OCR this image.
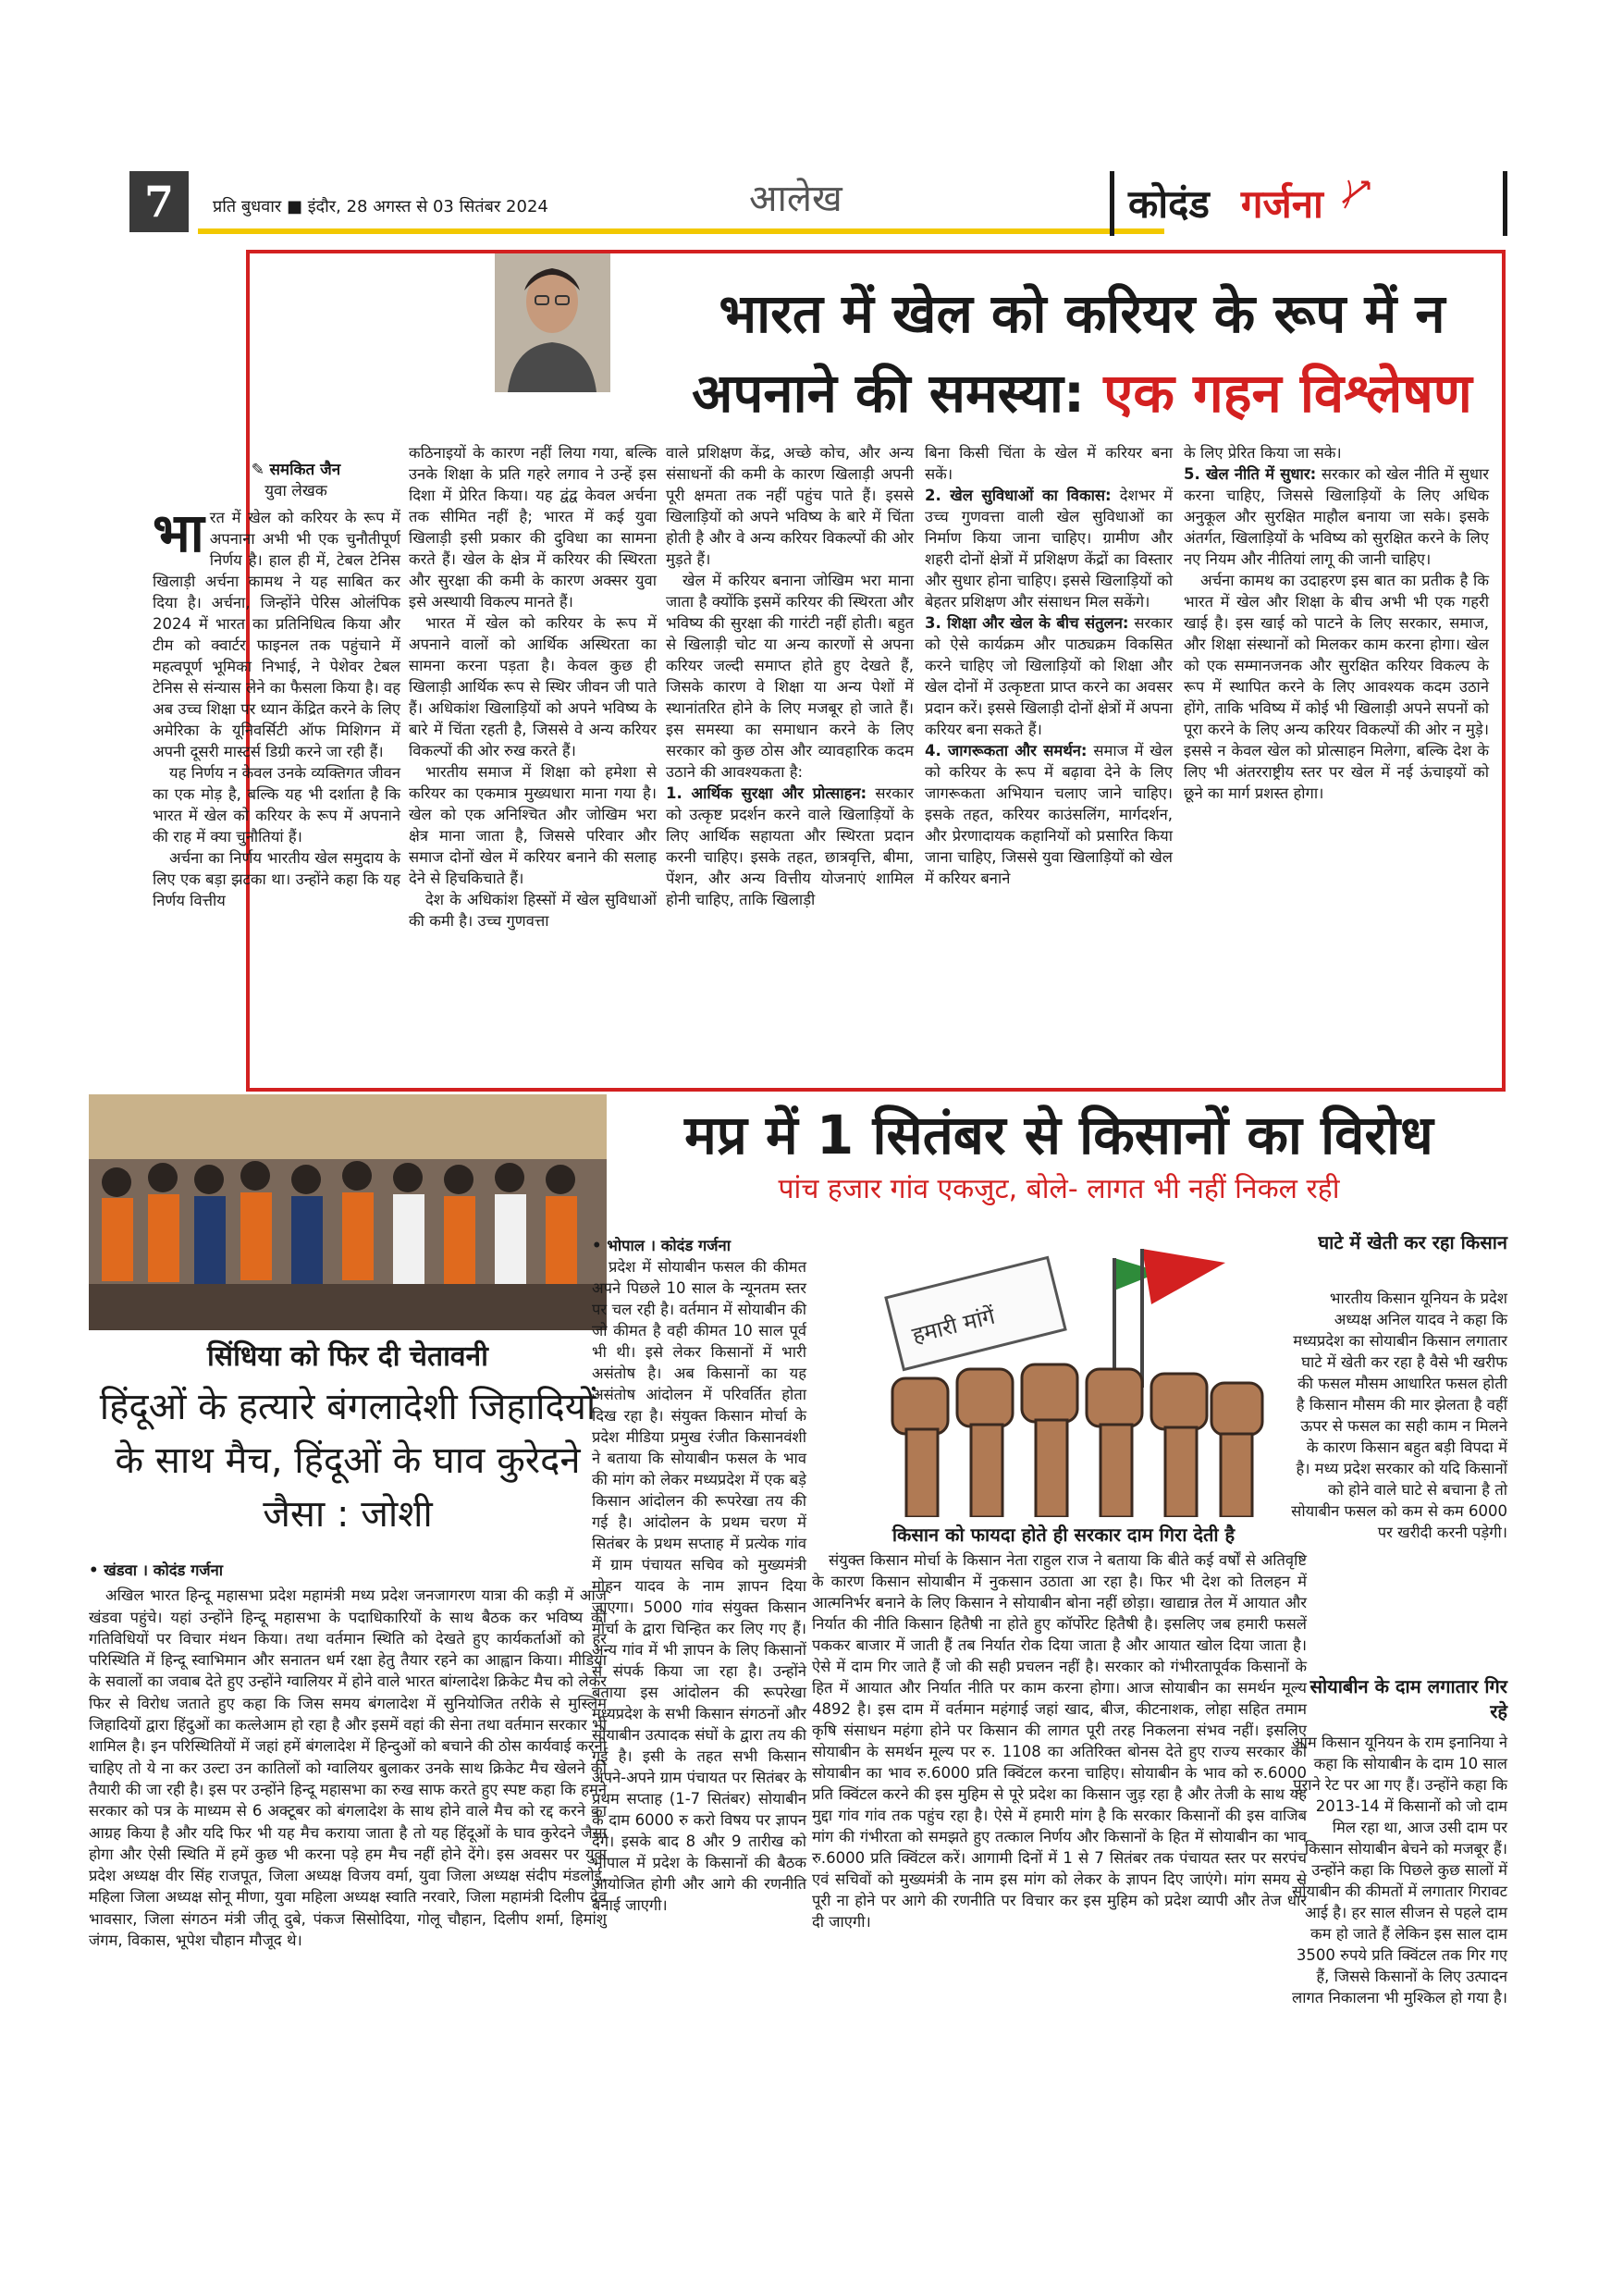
7	प्रति बुधवार ■ इंदौर, 28 अगस्त से 03 सितंबर 2024	आलेख	कोदंड गर्जना
भारत में खेल को करियर के रूप में न
अपनाने की समस्या: एक गहन विश्लेषण
✎ समकित जैन
युवा लेखक

भारत में खेल को करियर के रूप में अपनाना अभी भी एक चुनौतीपूर्ण निर्णय है। हाल ही में, टेबल टेनिस खिलाड़ी अर्चना कामथ ने यह साबित कर दिया है। अर्चना, जिन्होंने पेरिस ओलंपिक 2024 में भारत का प्रतिनिधित्व किया और टीम को क्वार्टर फाइनल तक पहुंचाने में महत्वपूर्ण भूमिका निभाई, ने पेशेवर टेबल टेनिस से संन्यास लेने का फैसला किया है। वह अब उच्च शिक्षा पर ध्यान केंद्रित करने के लिए अमेरिका के यूनिवर्सिटी ऑफ मिशिगन में अपनी दूसरी मास्टर्स डिग्री करने जा रही हैं।

यह निर्णय न केवल उनके व्यक्तिगत जीवन का एक मोड़ है, बल्कि यह भी दर्शाता है कि भारत में खेल को करियर के रूप में अपनाने की राह में क्या चुनौतियां हैं।

अर्चना का निर्णय भारतीय खेल समुदाय के लिए एक बड़ा झटका था। उन्होंने कहा कि यह निर्णय वित्तीय

कठिनाइयों के कारण नहीं लिया गया, बल्कि उनके शिक्षा के प्रति गहरे लगाव ने उन्हें इस दिशा में प्रेरित किया। यह द्वंद्व केवल अर्चना तक सीमित नहीं है; भारत में कई युवा खिलाड़ी इसी प्रकार की दुविधा का सामना करते हैं। खेल के क्षेत्र में करियर की स्थिरता और सुरक्षा की कमी के कारण अक्सर युवा इसे अस्थायी विकल्प मानते हैं।

भारत में खेल को करियर के रूप में अपनाने वालों को आर्थिक अस्थिरता का सामना करना पड़ता है। केवल कुछ ही खिलाड़ी आर्थिक रूप से स्थिर जीवन जी पाते हैं। अधिकांश खिलाड़ियों को अपने भविष्य के बारे में चिंता रहती है, जिससे वे अन्य करियर विकल्पों की ओर रुख करते हैं।

भारतीय समाज में शिक्षा को हमेशा से करियर का एकमात्र मुख्यधारा माना गया है। खेल को एक अनिश्चित और जोखिम भरा क्षेत्र माना जाता है, जिससे परिवार और समाज दोनों खेल में करियर बनाने की सलाह देने से हिचकिचाते हैं।

देश के अधिकांश हिस्सों में खेल सुविधाओं की कमी है। उच्च गुणवत्ता

वाले प्रशिक्षण केंद्र, अच्छे कोच, और अन्य संसाधनों की कमी के कारण खिलाड़ी अपनी पूरी क्षमता तक नहीं पहुंच पाते हैं। इससे खिलाड़ियों को अपने भविष्य के बारे में चिंता होती है और वे अन्य करियर विकल्पों की ओर मुड़ते हैं।

खेल में करियर बनाना जोखिम भरा माना जाता है क्योंकि इसमें करियर की स्थिरता और भविष्य की सुरक्षा की गारंटी नहीं होती। बहुत से खिलाड़ी चोट या अन्य कारणों से अपना करियर जल्दी समाप्त होते हुए देखते हैं, जिसके कारण वे शिक्षा या अन्य पेशों में स्थानांतरित होने के लिए मजबूर हो जाते हैं। इस समस्या का समाधान करने के लिए सरकार को कुछ ठोस और व्यावहारिक कदम उठाने की आवश्यकता है:

1. आर्थिक सुरक्षा और प्रोत्साहन: सरकार को उत्कृष्ट प्रदर्शन करने वाले खिलाड़ियों के लिए आर्थिक सहायता और स्थिरता प्रदान करनी चाहिए। इसके तहत, छात्रवृत्ति, बीमा, पेंशन, और अन्य वित्तीय योजनाएं शामिल होनी चाहिए, ताकि खिलाड़ी

बिना किसी चिंता के खेल में करियर बना सकें।

2. खेल सुविधाओं का विकास: देशभर में उच्च गुणवत्ता वाली खेल सुविधाओं का निर्माण किया जाना चाहिए। ग्रामीण और शहरी दोनों क्षेत्रों में प्रशिक्षण केंद्रों का विस्तार और सुधार होना चाहिए। इससे खिलाड़ियों को बेहतर प्रशिक्षण और संसाधन मिल सकेंगे।

3. शिक्षा और खेल के बीच संतुलन: सरकार को ऐसे कार्यक्रम और पाठ्यक्रम विकसित करने चाहिए जो खिलाड़ियों को शिक्षा और खेल दोनों में उत्कृष्टता प्राप्त करने का अवसर प्रदान करें। इससे खिलाड़ी दोनों क्षेत्रों में अपना करियर बना सकते हैं।

4. जागरूकता और समर्थन: समाज में खेल को करियर के रूप में बढ़ावा देने के लिए जागरूकता अभियान चलाए जाने चाहिए। इसके तहत, करियर काउंसलिंग, मार्गदर्शन, और प्रेरणादायक कहानियों को प्रसारित किया जाना चाहिए, जिससे युवा खिलाड़ियों को खेल में करियर बनाने

के लिए प्रेरित किया जा सके।

5. खेल नीति में सुधार: सरकार को खेल नीति में सुधार करना चाहिए, जिससे खिलाड़ियों के लिए अधिक अनुकूल और सुरक्षित माहौल बनाया जा सके। इसके अंतर्गत, खिलाड़ियों के भविष्य को सुरक्षित करने के लिए नए नियम और नीतियां लागू की जानी चाहिए।

अर्चना कामथ का उदाहरण इस बात का प्रतीक है कि भारत में खेल और शिक्षा के बीच अभी भी एक गहरी खाई है। इस खाई को पाटने के लिए सरकार, समाज, और शिक्षा संस्थानों को मिलकर काम करना होगा। खेल को एक सम्मानजनक और सुरक्षित करियर विकल्प के रूप में स्थापित करने के लिए आवश्यक कदम उठाने होंगे, ताकि भविष्य में कोई भी खिलाड़ी अपने सपनों को पूरा करने के लिए अन्य करियर विकल्पों की ओर न मुड़े। इससे न केवल खेल को प्रोत्साहन मिलेगा, बल्कि देश के लिए भी अंतरराष्ट्रीय स्तर पर खेल में नई ऊंचाइयों को छूने का मार्ग प्रशस्त होगा।

सिंधिया को फिर दी चेतावनी
हिंदूओं के हत्यारे बंगलादेशी जिहादियों के साथ मैच, हिंदूओं के घाव कुरेदने जैसा : जोशी

• खंडवा । कोदंड गर्जना

अखिल भारत हिन्दू महासभा प्रदेश महामंत्री मध्य प्रदेश जनजागरण यात्रा की कड़ी में आज खंडवा पहुंचे। यहां उन्होंने हिन्दू महासभा के पदाधिकारियों के साथ बैठक कर भविष्य की गतिविधियों पर विचार मंथन किया। तथा वर्तमान स्थिति को देखते हुए कार्यकर्ताओं को हर परिस्थिति में हिन्दू स्वाभिमान और सनातन धर्म रक्षा हेतु तैयार रहने का आह्वान किया। मीडिया के सवालों का जवाब देते हुए उन्होंने ग्वालियर में होने वाले भारत बांग्लादेश क्रिकेट मैच को लेकर फिर से विरोध जताते हुए कहा कि जिस समय बंगलादेश में सुनियोजित तरीके से मुस्लिम जिहादियों द्वारा हिंदुओं का कत्लेआम हो रहा है और इसमें वहां की सेना तथा वर्तमान सरकार भी शामिल है। इन परिस्थितियों में जहां हमें बंगलादेश में हिन्दुओं को बचाने की ठोस कार्यवाई करनी चाहिए तो ये ना कर उल्टा उन कातिलों को ग्वालियर बुलाकर उनके साथ क्रिकेट मैच खेलने की तैयारी की जा रही है। इस पर उन्होंने हिन्दू महासभा का रुख साफ करते हुए स्पष्ट कहा कि हमने सरकार को पत्र के माध्यम से 6 अक्टूबर को बंगलादेश के साथ होने वाले मैच को रद्द करने का आग्रह किया है और यदि फिर भी यह मैच कराया जाता है तो यह हिंदूओं के घाव कुरेदने जैसा होगा और ऐसी स्थिति में हमें कुछ भी करना पड़े हम मैच नहीं होने देंगे। इस अवसर पर युवा प्रदेश अध्यक्ष वीर सिंह राजपूत, जिला अध्यक्ष विजय वर्मा, युवा जिला अध्यक्ष संदीप मंडलोई, महिला जिला अध्यक्ष सोनू मीणा, युवा महिला अध्यक्ष स्वाति नरवारे, जिला महामंत्री दिलीप देव भावसार, जिला संगठन मंत्री जीतू दुबे, पंकज सिसोदिया, गोलू चौहान, दिलीप शर्मा, हिमांशु जंगम, विकास, भूपेश चौहान मौजूद थे।

मप्र में 1 सितंबर से किसानों का विरोध
पांच हजार गांव एकजुट, बोले- लागत भी नहीं निकल रही

• भोपाल । कोदंड गर्जना

प्रदेश में सोयाबीन फसल की कीमत अपने पिछले 10 साल के न्यूनतम स्तर पर चल रही है। वर्तमान में सोयाबीन की जो कीमत है वही कीमत 10 साल पूर्व भी थी। इसे लेकर किसानों में भारी असंतोष है। अब किसानों का यह असंतोष आंदोलन में परिवर्तित होता दिख रहा है। संयुक्त किसान मोर्चा के प्रदेश मीडिया प्रमुख रंजीत किसानवंशी ने बताया कि सोयाबीन फसल के भाव की मांग को लेकर मध्यप्रदेश में एक बड़े किसान आंदोलन की रूपरेखा तय की गई है। आंदोलन के प्रथम चरण में सितंबर के प्रथम सप्ताह में प्रत्येक गांव में ग्राम पंचायत सचिव को मुख्यमंत्री मोहन यादव के नाम ज्ञापन दिया जाएगा। 5000 गांव संयुक्त किसान मोर्चा के द्वारा चिन्हित कर लिए गए हैं। अन्य गांव में भी ज्ञापन के लिए किसानों से संपर्क किया जा रहा है। उन्होंने बताया इस आंदोलन की रूपरेखा मध्यप्रदेश के सभी किसान संगठनों और सोयाबीन उत्पादक संघों के द्वारा तय की गई है। इसी के तहत सभी किसान अपने-अपने ग्राम पंचायत पर सितंबर के प्रथम सप्ताह (1-7 सितंबर) सोयाबीन के दाम 6000 रु करो विषय पर ज्ञापन देंगे। इसके बाद 8 और 9 तारीख को भोपाल में प्रदेश के किसानों की बैठक आयोजित होगी और आगे की रणनीति बनाई जाएगी।

हमारी मांगें
किसान को फायदा होते ही सरकार दाम गिरा देती है

संयुक्त किसान मोर्चा के किसान नेता राहुल राज ने बताया कि बीते कई वर्षों से अतिवृष्टि के कारण किसान सोयाबीन में नुकसान उठाता आ रहा है। फिर भी देश को तिलहन में आत्मनिर्भर बनाने के लिए किसान ने सोयाबीन बोना नहीं छोड़ा। खाद्यान्न तेल में आयात और निर्यात की नीति किसान हितैषी ना होते हुए कॉर्पोरेट हितैषी है। इसलिए जब हमारी फसलें पककर बाजार में जाती हैं तब निर्यात रोक दिया जाता है और आयात खोल दिया जाता है। ऐसे में दाम गिर जाते हैं जो की सही प्रचलन नहीं है। सरकार को गंभीरतापूर्वक किसानों के हित में आयात और निर्यात नीति पर काम करना होगा। आज सोयाबीन का समर्थन मूल्य 4892 है। इस दाम में वर्तमान महंगाई जहां खाद, बीज, कीटनाशक, लोहा सहित तमाम कृषि संसाधन महंगा होने पर किसान की लागत पूरी तरह निकलना संभव नहीं। इसलिए सोयाबीन के समर्थन मूल्य पर रु. 1108 का अतिरिक्त बोनस देते हुए राज्य सरकार को सोयाबीन का भाव रु.6000 प्रति क्विंटल करना चाहिए। सोयाबीन के भाव को रु.6000 प्रति क्विंटल करने की इस मुहिम से पूरे प्रदेश का किसान जुड़ रहा है और तेजी के साथ यह मुद्दा गांव गांव तक पहुंच रहा है। ऐसे में हमारी मांग है कि सरकार किसानों की इस वाजिब मांग की गंभीरता को समझते हुए तत्काल निर्णय और किसानों के हित में सोयाबीन का भाव रु.6000 प्रति क्विंटल करें। आगामी दिनों में 1 से 7 सितंबर तक पंचायत स्तर पर सरपंच एवं सचिवों को मुख्यमंत्री के नाम इस मांग को लेकर के ज्ञापन दिए जाएंगे। मांग समय से पूरी ना होने पर आगे की रणनीति पर विचार कर इस मुहिम को प्रदेश व्यापी और तेज धार दी जाएगी।

घाटे में खेती कर रहा किसान

भारतीय किसान यूनियन के प्रदेश अध्यक्ष अनिल यादव ने कहा कि मध्यप्रदेश का सोयाबीन किसान लगातार घाटे में खेती कर रहा है वैसे भी खरीफ की फसल मौसम आधारित फसल होती है किसान मौसम की मार झेलता है वहीं ऊपर से फसल का सही काम न मिलने के कारण किसान बहुत बड़ी विपदा में है। मध्य प्रदेश सरकार को यदि किसानों को होने वाले घाटे से बचाना है तो सोयाबीन फसल को कम से कम 6000 पर खरीदी करनी पड़ेगी।

सोयाबीन के दाम लगातार गिर रहे

आम किसान यूनियन के राम इनानिया ने कहा कि सोयाबीन के दाम 10 साल पुराने रेट पर आ गए हैं। उन्होंने कहा कि 2013-14 में किसानों को जो दाम मिल रहा था, आज उसी दाम पर किसान सोयाबीन बेचने को मजबूर हैं। उन्होंने कहा कि पिछले कुछ सालों में सोयाबीन की कीमतों में लगातार गिरावट आई है। हर साल सीजन से पहले दाम कम हो जाते हैं लेकिन इस साल दाम 3500 रुपये प्रति क्विंटल तक गिर गए हैं, जिससे किसानों के लिए उत्पादन लागत निकालना भी मुश्किल हो गया है।
